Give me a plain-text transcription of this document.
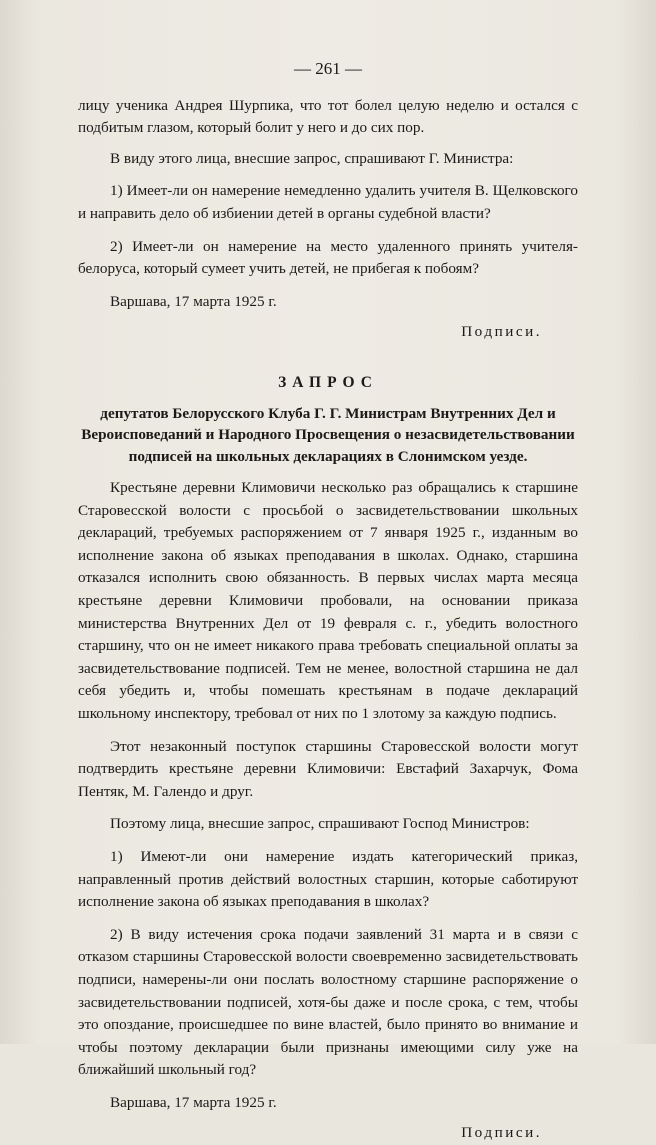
— 261 —

лицу ученика Андрея Шурпика, что тот болел целую неделю и остался с подбитым глазом, который болит у него и до сих пор.

В виду этого лица, внесшие запрос, спрашивают Г. Министра:

1) Имеет-ли он намерение немедленно удалить учителя В. Щелковского и направить дело об избиении детей в органы судебной власти?

2) Имеет-ли он намерение на место удаленного принять учителя-белоруса, который сумеет учить детей, не прибегая к побоям?

Варшава, 17 марта 1925 г.
Подписи.
ЗАПРОС
депутатов Белорусского Клуба Г. Г. Министрам Внутренних Дел и Вероисповеданий и Народного Просвещения о незасвидетельствовании подписей на школьных декларациях в Слонимском уезде.

Крестьяне деревни Климовичи несколько раз обращались к старшине Старовесской волости с просьбой о засвидетельствовании школьных деклараций, требуемых распоряжением от 7 января 1925 г., изданным во исполнение закона об языках преподавания в школах. Однако, старшина отказался исполнить свою обязанность. В первых числах марта месяца крестьяне деревни Климовичи пробовали, на основании приказа министерства Внутренних Дел от 19 февраля с. г., убедить волостного старшину, что он не имеет никакого права требовать специальной оплаты за засвидетельствование подписей. Тем не менее, волостной старшина не дал себя убедить и, чтобы помешать крестьянам в подаче деклараций школьному инспектору, требовал от них по 1 злотому за каждую подпись.

Этот незаконный поступок старшины Старовесской волости могут подтвердить крестьяне деревни Климовичи: Евстафий Захарчук, Фома Пентяк, М. Галендо и друг.

Поэтому лица, внесшие запрос, спрашивают Господ Министров:

1) Имеют-ли они намерение издать категорический приказ, направленный против действий волостных старшин, которые саботируют исполнение закона об языках преподавания в школах?

2) В виду истечения срока подачи заявлений 31 марта и в связи с отказом старшины Старовесской волости своевременно засвидетельствовать подписи, намерены-ли они послать волостному старшине распоряжение о засвидетельствовании подписей, хотя-бы даже и после срока, с тем, чтобы это опоздание, происшедшее по вине властей, было принято во внимание и чтобы поэтому декларации были признаны имеющими силу уже на ближайший школьный год?

Варшава, 17 марта 1925 г.
Подписи.
